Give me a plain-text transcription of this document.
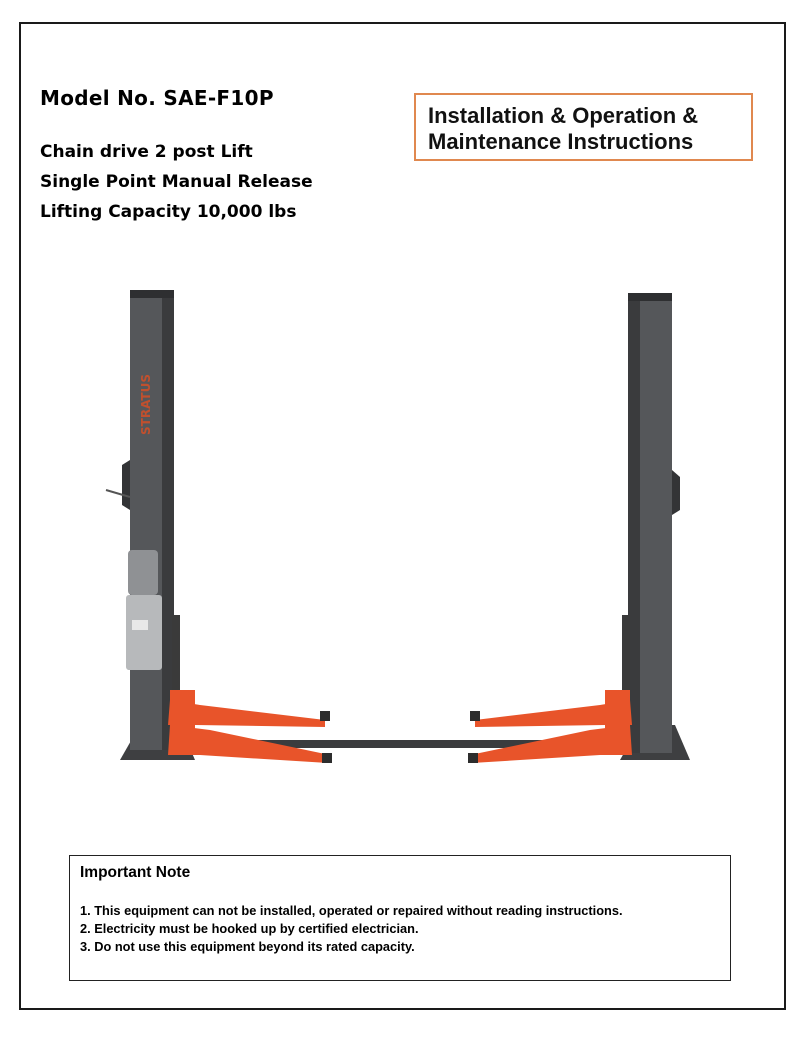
Model No. SAE-F10P
Chain drive 2 post Lift
Single Point Manual Release
Lifting Capacity 10,000 lbs
Installation & Operation &
Maintenance Instructions
STRATUS
Important Note
1. This equipment can not be installed, operated or repaired without reading instructions.
2. Electricity must be hooked up by certified electrician.
3. Do not use this equipment beyond its rated capacity.
